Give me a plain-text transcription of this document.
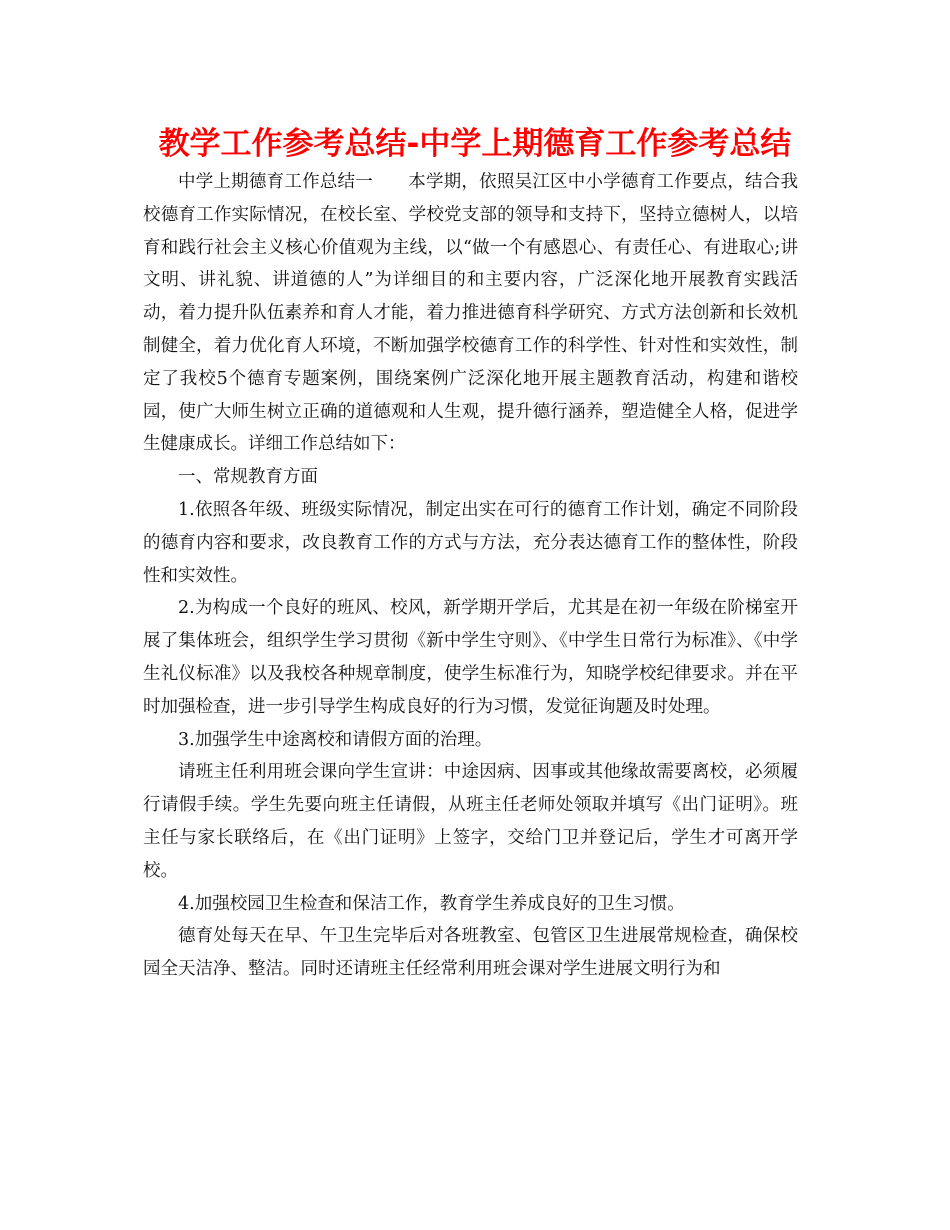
教学工作参考总结-中学上期德育工作参考总结

中学上期德育工作总结一 本学期，依照吴江区中小学德育工作要点，结合我校德育工作实际情况，在校长室、学校党支部的领导和支持下，坚持立德树人，以培育和践行社会主义核心价值观为主线，以“做一个有感恩心、有责任心、有进取心;讲文明、讲礼貌、讲道德的人”为详细目的和主要内容，广泛深化地开展教育实践活动，着力提升队伍素养和育人才能，着力推进德育科学研究、方式方法创新和长效机制健全，着力优化育人环境，不断加强学校德育工作的科学性、针对性和实效性，制定了我校5个德育专题案例，围绕案例广泛深化地开展主题教育活动，构建和谐校园，使广大师生树立正确的道德观和人生观，提升德行涵养，塑造健全人格，促进学生健康成长。详细工作总结如下：

一、常规教育方面

1.依照各年级、班级实际情况，制定出实在可行的德育工作计划，确定不同阶段的德育内容和要求，改良教育工作的方式与方法，充分表达德育工作的整体性，阶段性和实效性。

2.为构成一个良好的班风、校风，新学期开学后，尤其是在初一年级在阶梯室开展了集体班会，组织学生学习贯彻《新中学生守则》、《中学生日常行为标准》、《中学生礼仪标准》以及我校各种规章制度，使学生标准行为，知晓学校纪律要求。并在平时加强检查，进一步引导学生构成良好的行为习惯，发觉征询题及时处理。

3.加强学生中途离校和请假方面的治理。

请班主任利用班会课向学生宣讲：中途因病、因事或其他缘故需要离校，必须履行请假手续。学生先要向班主任请假，从班主任老师处领取并填写《出门证明》。班主任与家长联络后，在《出门证明》上签字，交给门卫并登记后，学生才可离开学校。

4.加强校园卫生检查和保洁工作，教育学生养成良好的卫生习惯。

德育处每天在早、午卫生完毕后对各班教室、包管区卫生进展常规检查，确保校园全天洁净、整洁。同时还请班主任经常利用班会课对学生进展文明行为和
